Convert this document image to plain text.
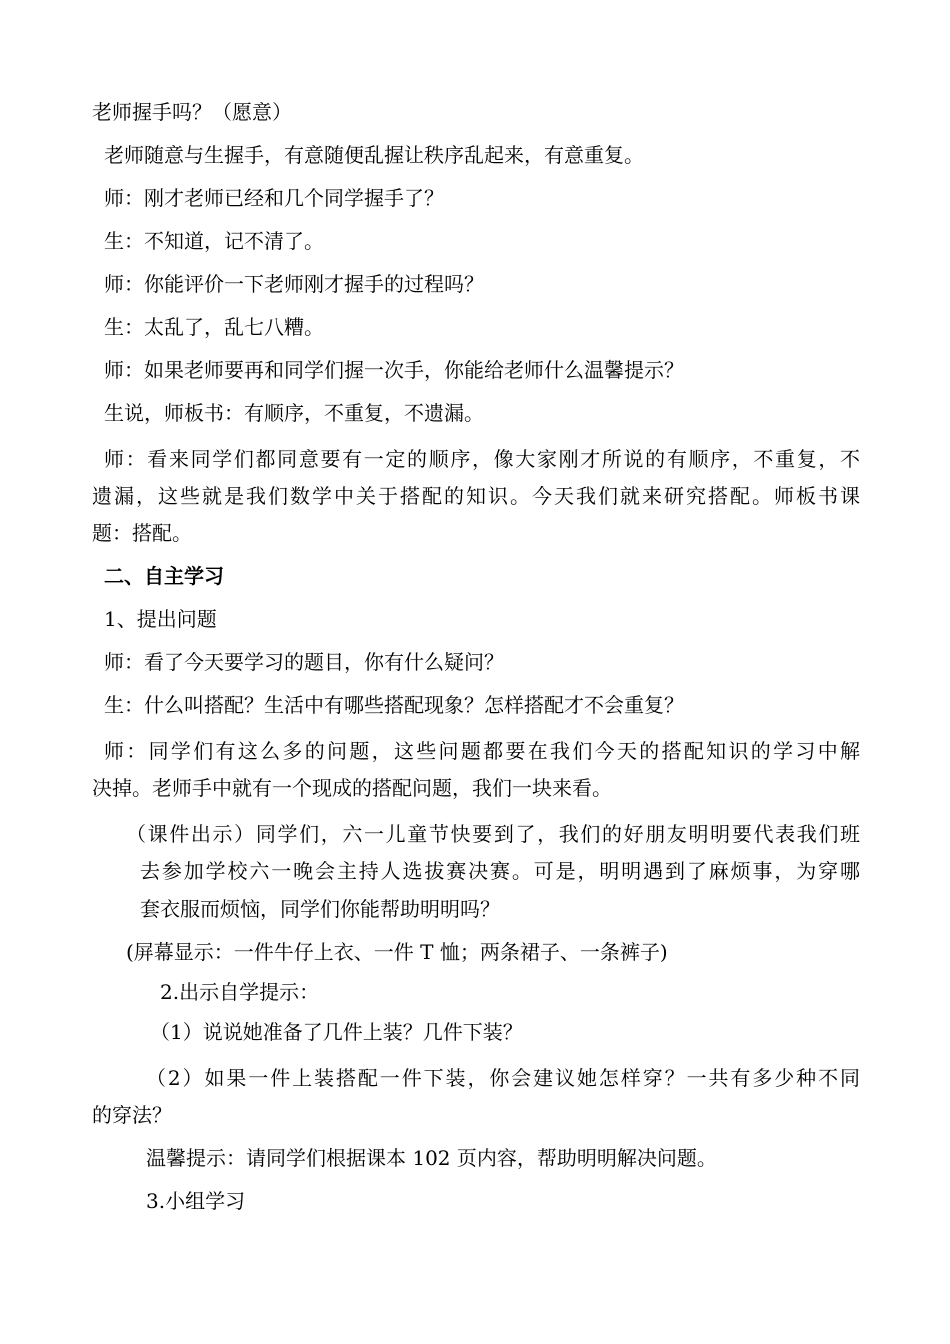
老师握手吗？（愿意）
老师随意与生握手，有意随便乱握让秩序乱起来，有意重复。
师：刚才老师已经和几个同学握手了？
生：不知道，记不清了。
师：你能评价一下老师刚才握手的过程吗？
生：太乱了，乱七八糟。
师：如果老师要再和同学们握一次手，你能给老师什么温馨提示？
生说，师板书：有顺序，不重复，不遗漏。
师：看来同学们都同意要有一定的顺序，像大家刚才所说的有顺序，不重复，不
遗漏，这些就是我们数学中关于搭配的知识。今天我们就来研究搭配。师板书课
题：搭配。
二、自主学习
1、提出问题
师：看了今天要学习的题目，你有什么疑问？
生：什么叫搭配？生活中有哪些搭配现象？怎样搭配才不会重复？
师：同学们有这么多的问题，这些问题都要在我们今天的搭配知识的学习中解
决掉。老师手中就有一个现成的搭配问题，我们一块来看。
（课件出示）同学们，六一儿童节快要到了，我们的好朋友明明要代表我们班
去参加学校六一晚会主持人选拔赛决赛。可是，明明遇到了麻烦事，为穿哪
套衣服而烦恼，同学们你能帮助明明吗？
(屏幕显示：一件牛仔上衣、一件 T 恤；两条裙子、一条裤子)
2.出示自学提示：
（1）说说她准备了几件上装？几件下装？
（2）如果一件上装搭配一件下装，你会建议她怎样穿？一共有多少种不同
的穿法？
温馨提示：请同学们根据课本 102 页内容，帮助明明解决问题。
3.小组学习
